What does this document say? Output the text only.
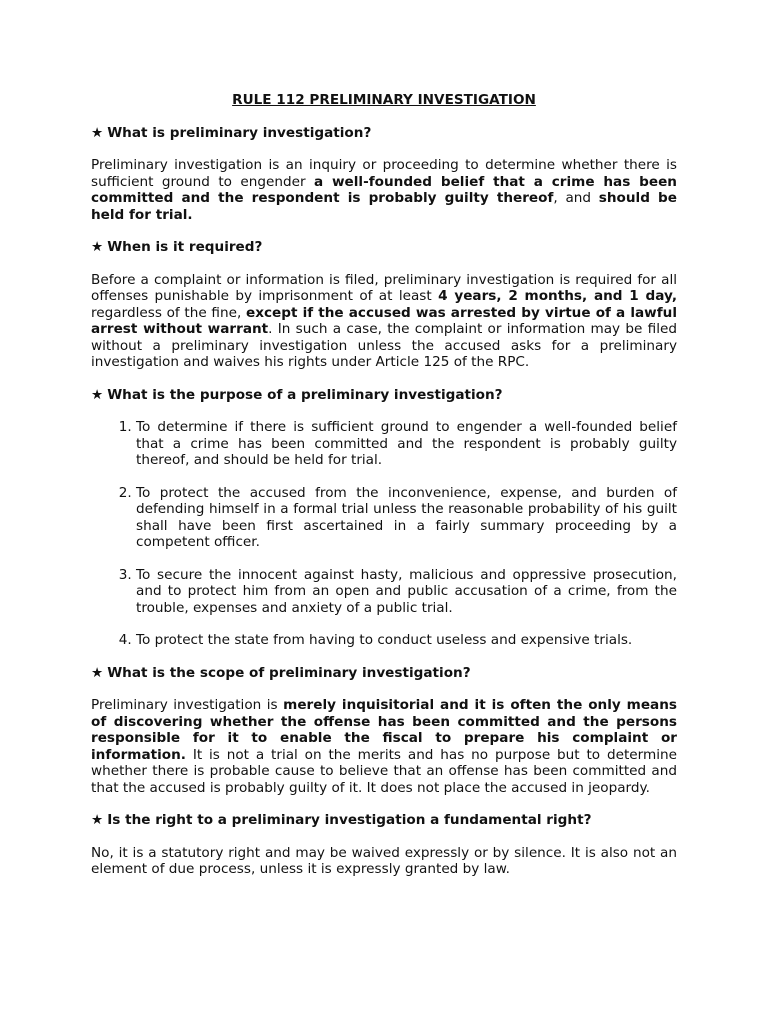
RULE 112 PRELIMINARY INVESTIGATION
★ What is preliminary investigation?

Preliminary investigation is an inquiry or proceeding to determine whether there is sufficient ground to engender a well-founded belief that a crime has been committed and the respondent is probably guilty thereof, and should be held for trial.

★ When is it required?

Before a complaint or information is filed, preliminary investigation is required for all offenses punishable by imprisonment of at least 4 years, 2 months, and 1 day, regardless of the fine, except if the accused was arrested by virtue of a lawful arrest without warrant. In such a case, the complaint or information may be filed without a preliminary investigation unless the accused asks for a preliminary investigation and waives his rights under Article 125 of the RPC.

★ What is the purpose of a preliminary investigation?
1. To determine if there is sufficient ground to engender a well-founded belief that a crime has been committed and the respondent is probably guilty thereof, and should be held for trial.
2. To protect the accused from the inconvenience, expense, and burden of defending himself in a formal trial unless the reasonable probability of his guilt shall have been first ascertained in a fairly summary proceeding by a competent officer.
3. To secure the innocent against hasty, malicious and oppressive prosecution, and to protect him from an open and public accusation of a crime, from the trouble, expenses and anxiety of a public trial.
4. To protect the state from having to conduct useless and expensive trials.
★ What is the scope of preliminary investigation?

Preliminary investigation is merely inquisitorial and it is often the only means of discovering whether the offense has been committed and the persons responsible for it to enable the fiscal to prepare his complaint or information. It is not a trial on the merits and has no purpose but to determine whether there is probable cause to believe that an offense has been committed and that the accused is probably guilty of it. It does not place the accused in jeopardy.

★ Is the right to a preliminary investigation a fundamental right?

No, it is a statutory right and may be waived expressly or by silence. It is also not an element of due process, unless it is expressly granted by law.
